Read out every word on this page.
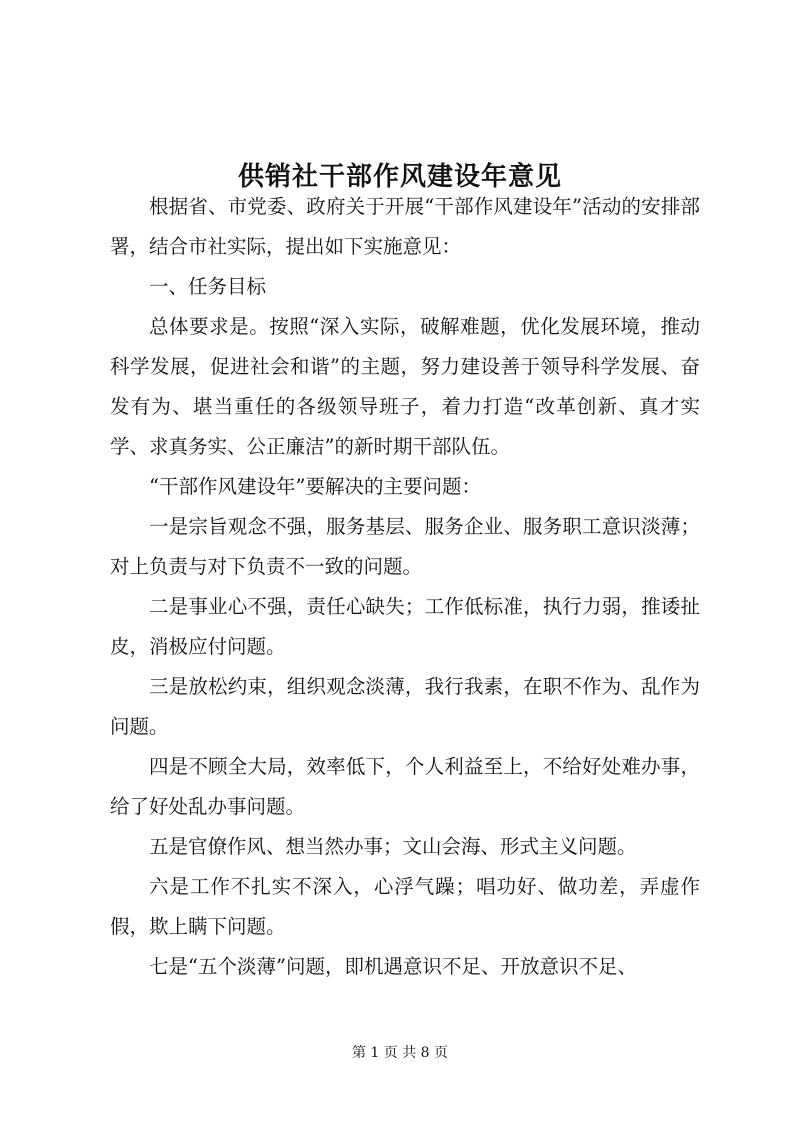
供销社干部作风建设年意见

根据省、市党委、政府关于开展“干部作风建设年”活动的安排部署，结合市社实际，提出如下实施意见：

一、任务目标

总体要求是。按照“深入实际，破解难题，优化发展环境，推动科学发展，促进社会和谐”的主题，努力建设善于领导科学发展、奋发有为、堪当重任的各级领导班子，着力打造“改革创新、真才实学、求真务实、公正廉洁”的新时期干部队伍。

“干部作风建设年”要解决的主要问题：

一是宗旨观念不强，服务基层、服务企业、服务职工意识淡薄；对上负责与对下负责不一致的问题。

二是事业心不强，责任心缺失；工作低标准，执行力弱，推诿扯皮，消极应付问题。

三是放松约束，组织观念淡薄，我行我素，在职不作为、乱作为问题。

四是不顾全大局，效率低下，个人利益至上，不给好处难办事，给了好处乱办事问题。

五是官僚作风、想当然办事；文山会海、形式主义问题。

六是工作不扎实不深入，心浮气躁；唱功好、做功差，弄虚作假，欺上瞒下问题。

七是“五个淡薄”问题，即机遇意识不足、开放意识不足、

第 1 页 共 8 页
